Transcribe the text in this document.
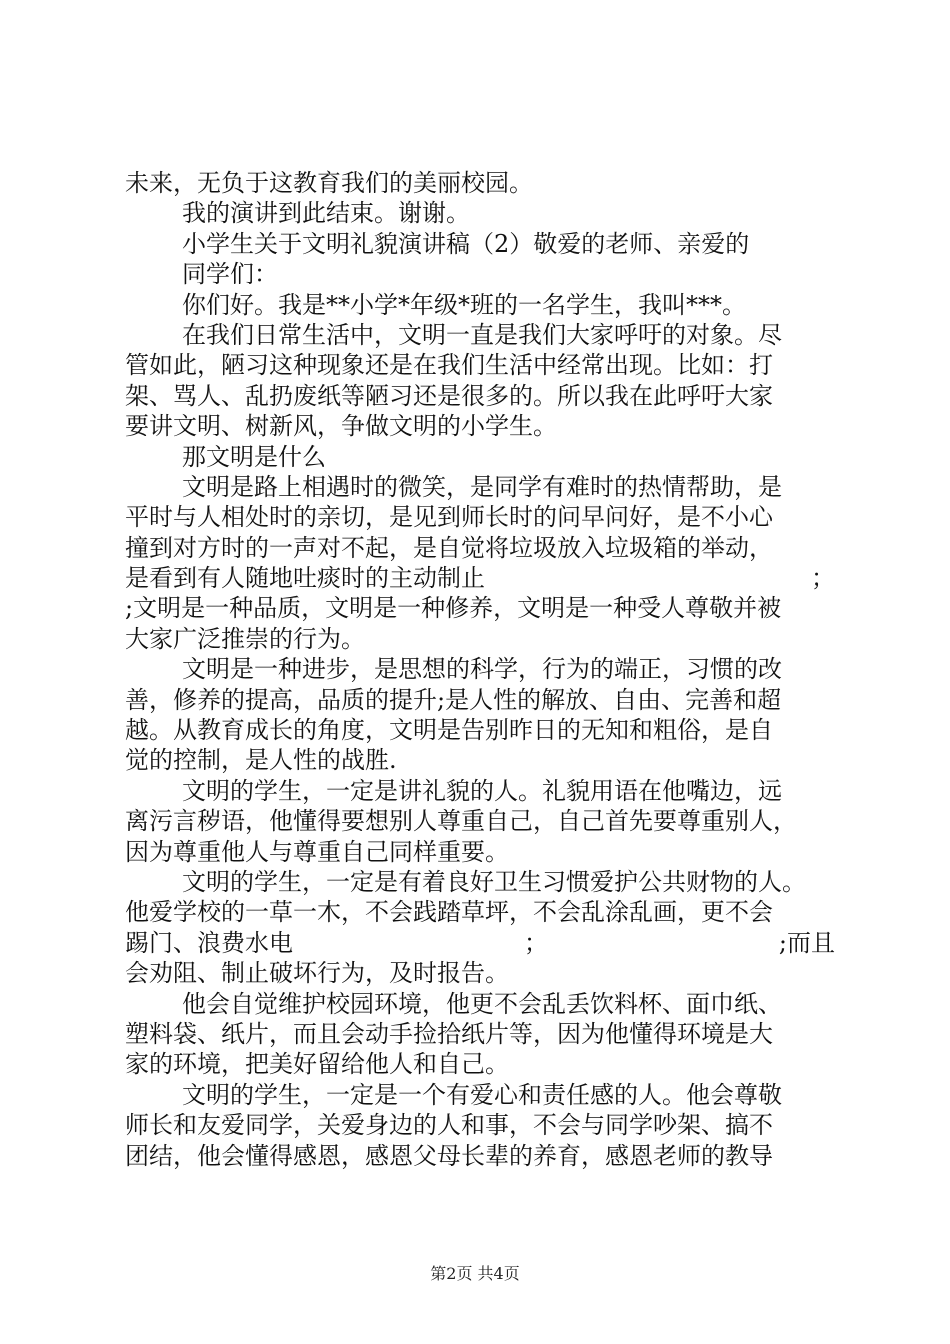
未来，无负于这教育我们的美丽校园。
我的演讲到此结束。谢谢。
小学生关于文明礼貌演讲稿（2）敬爱的老师、亲爱的
同学们：
你们好。我是**小学*年级*班的一名学生，我叫***。
在我们日常生活中，文明一直是我们大家呼吁的对象。尽
管如此，陋习这种现象还是在我们生活中经常出现。比如：打
架、骂人、乱扔废纸等陋习还是很多的。所以我在此呼吁大家
要讲文明、树新风，争做文明的小学生。
那文明是什么
文明是路上相遇时的微笑，是同学有难时的热情帮助，是
平时与人相处时的亲切，是见到师长时的问早问好，是不小心
撞到对方时的一声对不起，是自觉将垃圾放入垃圾箱的举动，
是看到有人随地吐痰时的主动制止	；
;文明是一种品质，文明是一种修养，文明是一种受人尊敬并被
大家广泛推崇的行为。
文明是一种进步，是思想的科学，行为的端正，习惯的改
善，修养的提高，品质的提升;是人性的解放、自由、完善和超
越。从教育成长的角度，文明是告别昨日的无知和粗俗，是自
觉的控制，是人性的战胜.
文明的学生，一定是讲礼貌的人。礼貌用语在他嘴边，远
离污言秽语，他懂得要想别人尊重自己，自己首先要尊重别人，
因为尊重他人与尊重自己同样重要。
文明的学生，一定是有着良好卫生习惯爱护公共财物的人。
他爱学校的一草一木，不会践踏草坪，不会乱涂乱画，更不会
踢门、浪费水电	；	;而且
会劝阻、制止破坏行为，及时报告。
他会自觉维护校园环境，他更不会乱丢饮料杯、面巾纸、
塑料袋、纸片，而且会动手捡拾纸片等，因为他懂得环境是大
家的环境，把美好留给他人和自己。
文明的学生，一定是一个有爱心和责任感的人。他会尊敬
师长和友爱同学，关爱身边的人和事，不会与同学吵架、搞不
团结，他会懂得感恩，感恩父母长辈的养育，感恩老师的教导
第2页 共4页
